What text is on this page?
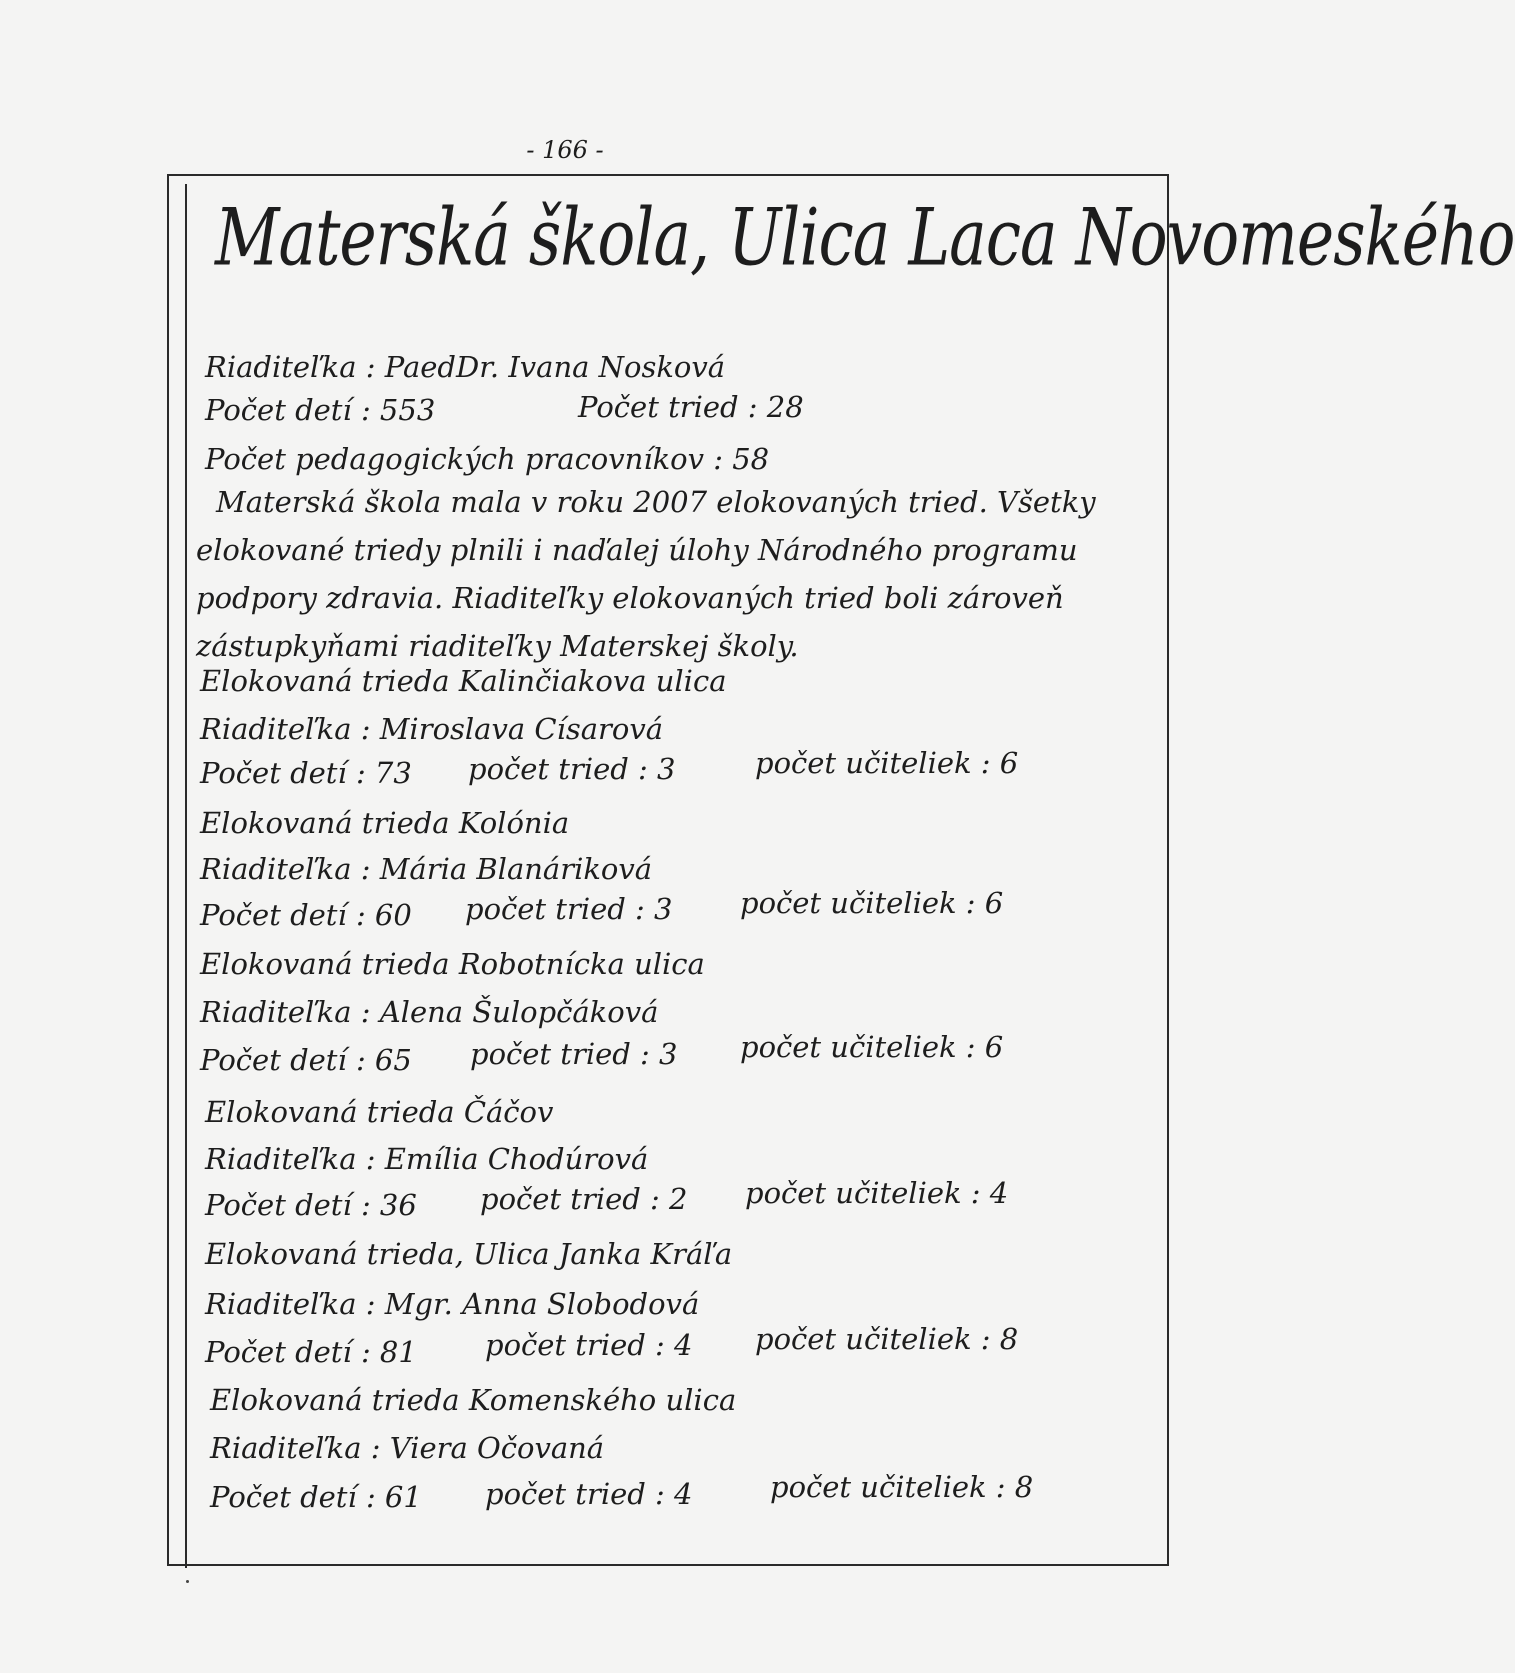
- 166 -
Materská škola, Ulica Laca Novomeského
Riaditeľka : PaedDr. Ivana Nosková
Počet detí : 553	Počet tried : 28
Počet pedagogických pracovníkov : 58
Materská škola mala v roku 2007 elokovaných tried. Všetky elokované triedy plnili i naďalej úlohy Národného programu podpory zdravia. Riaditeľky elokovaných tried boli zároveň zástupkyňami riaditeľky Materskej školy.
Elokovaná trieda Kalinčiakova ulica
Riaditeľka : Miroslava Císarová
Počet detí : 73 počet tried : 3	počet učiteliek : 6
Elokovaná trieda Kolónia
Riaditeľka : Mária Blanáriková
Počet detí : 60 počet tried : 3 počet učiteliek : 6
Elokovaná trieda Robotnícka ulica
Riaditeľka : Alena Šulopčáková
Počet detí : 65 počet tried : 3 počet učiteliek : 6
Elokovaná trieda Čáčov
Riaditeľka : Emília Chodúrová
Počet detí : 36 počet tried : 2 počet učiteliek : 4
Elokovaná trieda, Ulica Janka Kráľa
Riaditeľka : Mgr. Anna Slobodová
Počet detí : 81 počet tried : 4 počet učiteliek : 8
Elokovaná trieda Komenského ulica
Riaditeľka : Viera Očovaná
Počet detí : 61 počet tried : 4	počet učiteliek : 8
